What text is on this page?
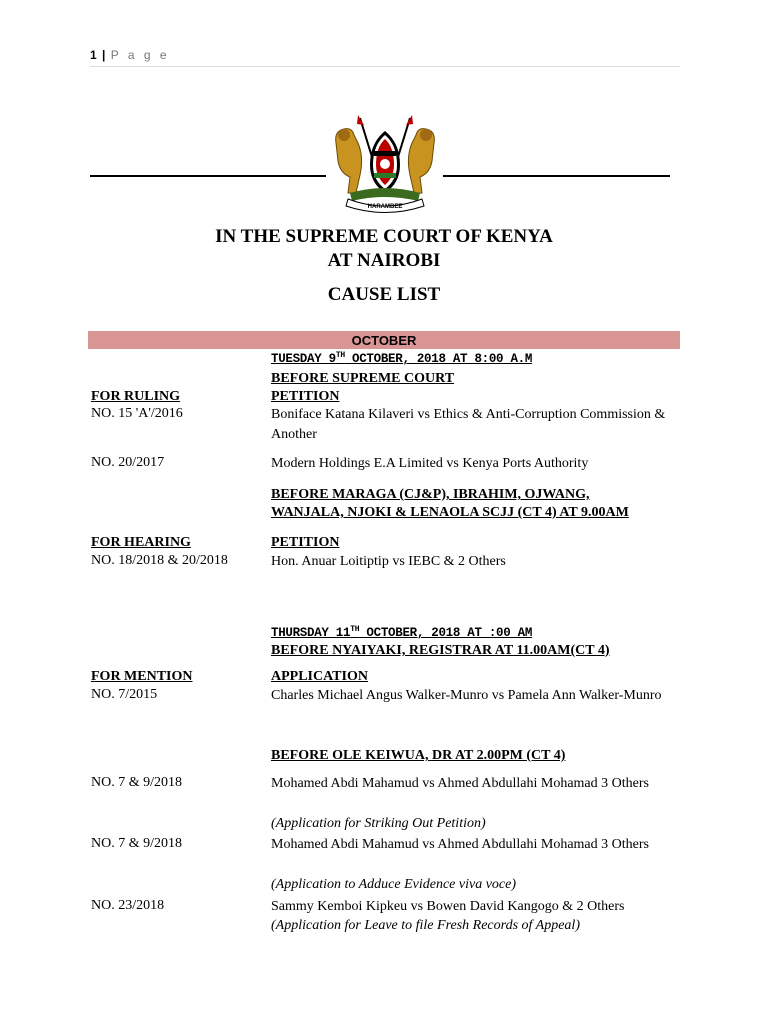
1 | P a g e
HARAMBEE
IN THE SUPREME COURT OF KENYA
AT NAIROBI
CAUSE LIST
OCTOBER
TUESDAY 9TH OCTOBER, 2018 AT 8:00 A.M
BEFORE SUPREME COURT
FOR RULING	PETITION
NO. 15 'A'/2016	Boniface Katana Kilaveri vs Ethics & Anti-Corruption Commission & Another
NO. 20/2017	Modern Holdings E.A Limited vs Kenya Ports Authority
BEFORE MARAGA (CJ&P), IBRAHIM, OJWANG,
WANJALA, NJOKI & LENAOLA SCJJ (CT 4) AT 9.00AM
FOR HEARING	PETITION
NO. 18/2018 & 20/2018	Hon. Anuar Loitiptip vs IEBC & 2 Others
THURSDAY 11TH OCTOBER, 2018 AT :00 AM
BEFORE NYAIYAKI, REGISTRAR AT 11.00AM(CT 4)
FOR MENTION	APPLICATION
NO. 7/2015	Charles Michael Angus Walker-Munro vs Pamela Ann Walker-Munro
BEFORE OLE KEIWUA, DR AT 2.00PM (CT 4)
NO. 7 & 9/2018	Mohamed Abdi Mahamud vs Ahmed Abdullahi Mohamad 3 Others
(Application for Striking Out Petition)
NO. 7 & 9/2018	Mohamed Abdi Mahamud vs Ahmed Abdullahi Mohamad 3 Others
(Application to Adduce Evidence viva voce)
NO. 23/2018	Sammy Kemboi Kipkeu vs Bowen David Kangogo & 2 Others
(Application for Leave to file Fresh Records of Appeal)
